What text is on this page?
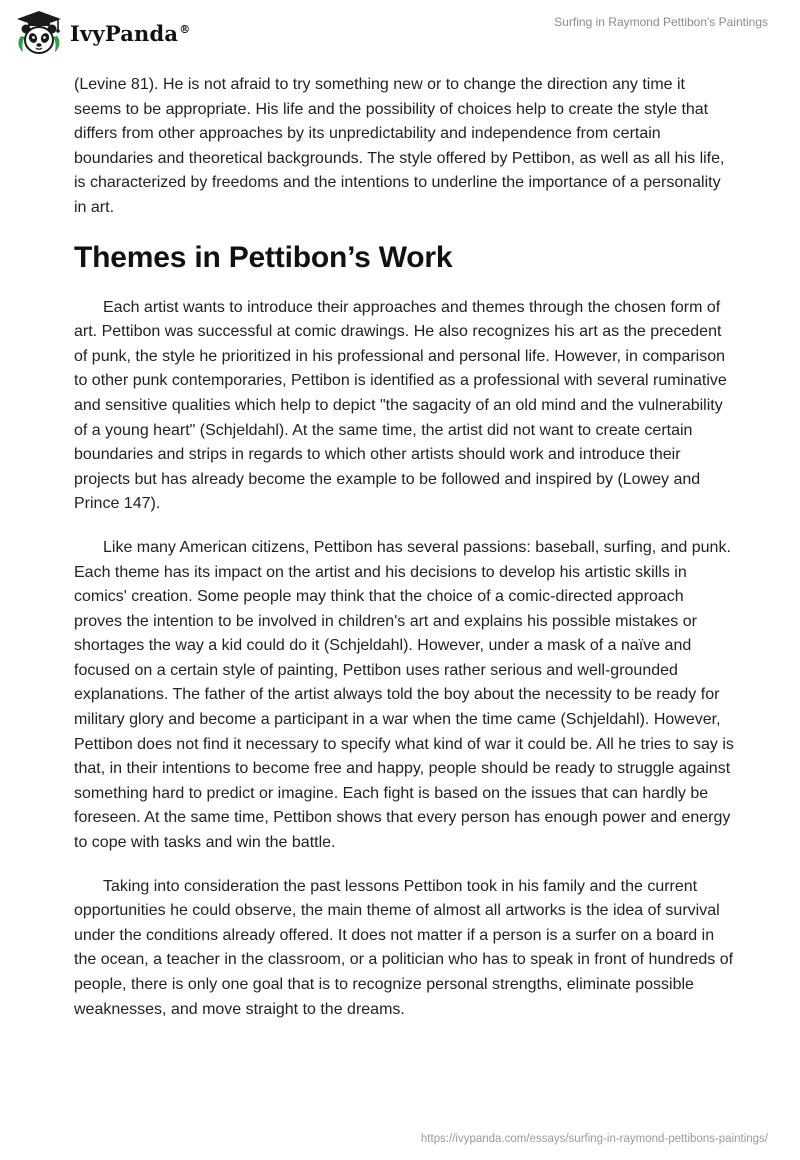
IvyPanda®	Surfing in Raymond Pettibon's Paintings

(Levine 81). He is not afraid to try something new or to change the direction any time it seems to be appropriate. His life and the possibility of choices help to create the style that differs from other approaches by its unpredictability and independence from certain boundaries and theoretical backgrounds. The style offered by Pettibon, as well as all his life, is characterized by freedoms and the intentions to underline the importance of a personality in art.

Themes in Pettibon’s Work

Each artist wants to introduce their approaches and themes through the chosen form of art. Pettibon was successful at comic drawings. He also recognizes his art as the precedent of punk, the style he prioritized in his professional and personal life. However, in comparison to other punk contemporaries, Pettibon is identified as a professional with several ruminative and sensitive qualities which help to depict "the sagacity of an old mind and the vulnerability of a young heart" (Schjeldahl). At the same time, the artist did not want to create certain boundaries and strips in regards to which other artists should work and introduce their projects but has already become the example to be followed and inspired by (Lowey and Prince 147).

Like many American citizens, Pettibon has several passions: baseball, surfing, and punk. Each theme has its impact on the artist and his decisions to develop his artistic skills in comics' creation. Some people may think that the choice of a comic-directed approach proves the intention to be involved in children's art and explains his possible mistakes or shortages the way a kid could do it (Schjeldahl). However, under a mask of a naïve and focused on a certain style of painting, Pettibon uses rather serious and well-grounded explanations. The father of the artist always told the boy about the necessity to be ready for military glory and become a participant in a war when the time came (Schjeldahl). However, Pettibon does not find it necessary to specify what kind of war it could be. All he tries to say is that, in their intentions to become free and happy, people should be ready to struggle against something hard to predict or imagine. Each fight is based on the issues that can hardly be foreseen. At the same time, Pettibon shows that every person has enough power and energy to cope with tasks and win the battle.

Taking into consideration the past lessons Pettibon took in his family and the current opportunities he could observe, the main theme of almost all artworks is the idea of survival under the conditions already offered. It does not matter if a person is a surfer on a board in the ocean, a teacher in the classroom, or a politician who has to speak in front of hundreds of people, there is only one goal that is to recognize personal strengths, eliminate possible weaknesses, and move straight to the dreams.

https://ivypanda.com/essays/surfing-in-raymond-pettibons-paintings/
